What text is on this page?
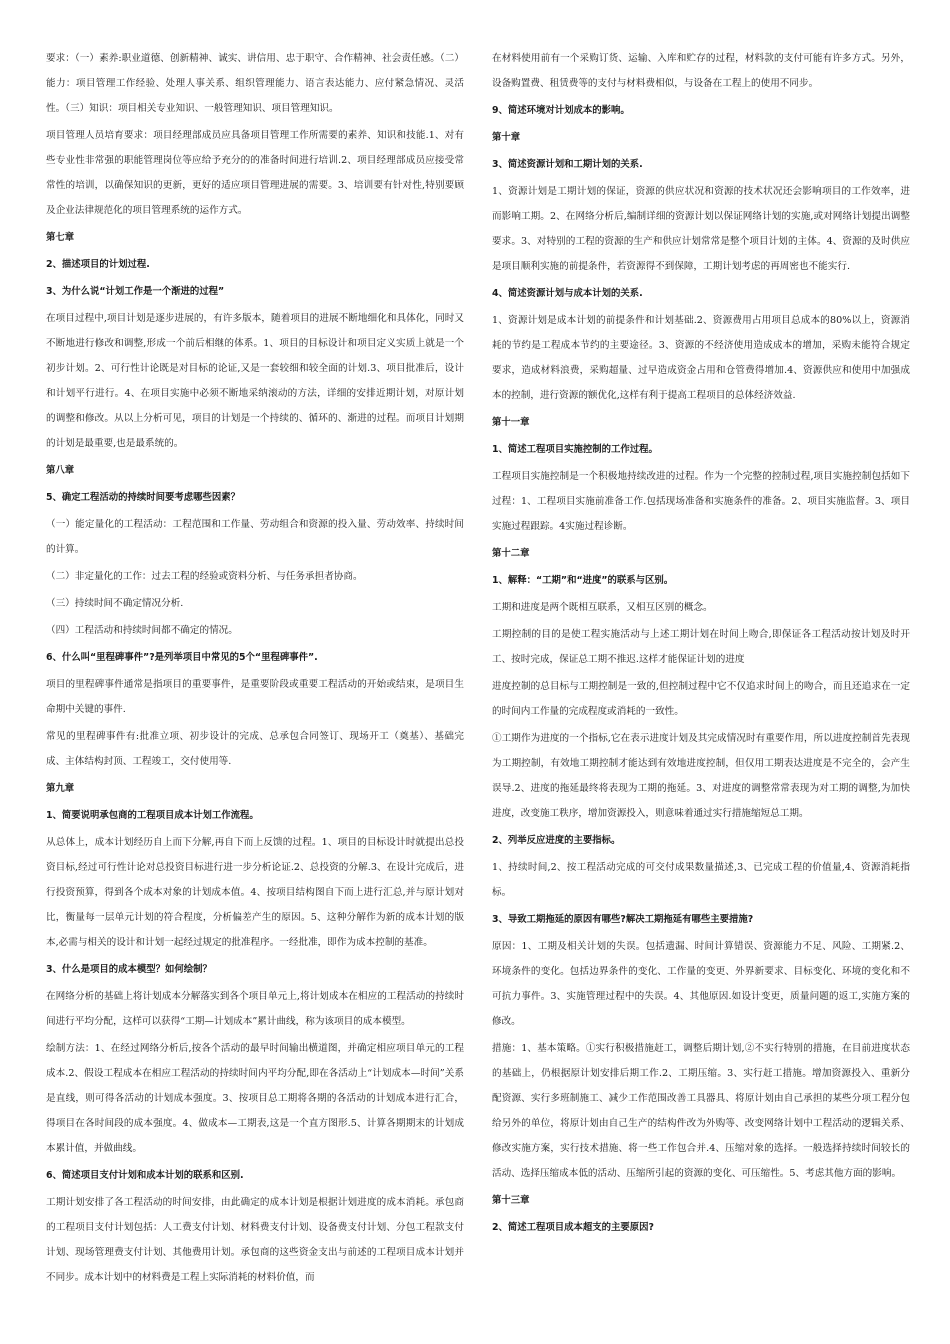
要求：（一）素养:职业道德、创新精神、诚实、讲信用、忠于职守、合作精神、社会责任感。（二）能力：项目管理工作经验、处理人事关系、组织管理能力、语言表达能力、应付紧急情况、灵活性。（三）知识：项目相关专业知识、一般管理知识、项目管理知识。

项目管理人员培育要求：项目经理部成员应具备项目管理工作所需要的素养、知识和技能.1、对有些专业性非常强的职能管理岗位等应给予充分的的准备时间进行培训.2、项目经理部成员应接受常常性的培训，以确保知识的更新，更好的适应项目管理进展的需要。3、培训要有针对性,特别要顾及企业法律规范化的项目管理系统的运作方式。

第七章

2、描述项目的计划过程.

3、为什么说“计划工作是一个渐进的过程”

在项目过程中,项目计划是逐步进展的，有许多版本，随着项目的进展不断地细化和具体化，同时又不断地进行修改和调整,形成一个前后相继的体系。1、项目的目标设计和项目定义实质上就是一个初步计划。2、可行性计论既是对目标的论证,又是一套较细和较全面的计划.3、项目批准后，设计和计划平行进行。4、在项目实施中必须不断地采纳滚动的方法，详细的安排近期计划，对原计划的调整和修改。从以上分析可见，项目的计划是一个持续的、循环的、渐进的过程。而项目计划期的计划是最重要,也是最系统的。

第八章

5、确定工程活动的持续时间要考虑哪些因素？

（一）能定量化的工程活动：工程范围和工作量、劳动组合和资源的投入量、劳动效率、持续时间的计算。

（二）非定量化的工作：过去工程的经验或资料分析、与任务承担者协商。

（三）持续时间不确定情况分析.

（四）工程活动和持续时间都不确定的情况。

6、什么叫“里程碑事件”?是列举项目中常见的5个“里程碑事件”.

项目的里程碑事件通常是指项目的重要事件，是重要阶段或重要工程活动的开始或结束，是项目生命期中关键的事件.

常见的里程碑事件有:批准立项、初步设计的完成、总承包合同签订、现场开工（奠基）、基础完成、主体结构封顶、工程竣工，交付使用等.

第九章

1、简要说明承包商的工程项目成本计划工作流程。

从总体上，成本计划经历自上而下分解,再自下而上反馈的过程。1、项目的目标设计时就提出总投资目标,经过可行性计论对总投资目标进行进一步分析论证.2、总投资的分解.3、在设计完成后，进行投资预算，得到各个成本对象的计划成本值。4、按项目结构图自下而上进行汇总,并与原计划对比，衡量每一层单元计划的符合程度，分析偏差产生的原因。5、这种分解作为新的成本计划的版本,必需与相关的设计和计划一起经过规定的批准程序。一经批准，即作为成本控制的基准。

3、什么是项目的成本模型？如何绘制？

在网络分析的基础上将计划成本分解落实到各个项目单元上,将计划成本在相应的工程活动的持续时间进行平均分配，这样可以获得“工期—计划成本”累计曲线，称为该项目的成本模型。

绘制方法：1、在经过网络分析后,按各个活动的最早时间输出横道图，并确定相应项目单元的工程成本.2、假设工程成本在相应工程活动的持续时间内平均分配,即在各活动上“计划成本—时间”关系是直线，则可得各活动的计划成本强度。3、按项目总工期将各期的各活动的计划成本进行汇合，得项目在各时间段的成本强度。4、做成本—工期表,这是一个直方图形.5、计算各期期末的计划成本累计值，并做曲线。

6、简述项目支付计划和成本计划的联系和区别.

工期计划安排了各工程活动的时间安排，由此确定的成本计划是根据计划进度的成本消耗。承包商的工程项目支付计划包括：人工费支付计划、材料费支付计划、设备费支付计划、分包工程款支付计划、现场管理费支付计划、其他费用计划。承包商的这些资金支出与前述的工程项目成本计划并不同步。成本计划中的材料费是工程上实际消耗的材料价值，而

在材料使用前有一个采购订货、运输、入库和贮存的过程，材料款的支付可能有许多方式。另外，设备购置费、租赁费等的支付与材料费相似，与设备在工程上的使用不同步。

9、简述环境对计划成本的影响。

第十章

3、简述资源计划和工期计划的关系.

1、资源计划是工期计划的保证，资源的供应状况和资源的技术状况还会影响项目的工作效率，进而影响工期。2、在网络分析后,编制详细的资源计划以保证网络计划的实施,或对网络计划提出调整要求。3、对特别的工程的资源的生产和供应计划常常是整个项目计划的主体。4、资源的及时供应是项目顺利实施的前提条件，若资源得不到保障，工期计划考虑的再周密也不能实行.

4、简述资源计划与成本计划的关系.

1、资源计划是成本计划的前提条件和计划基础.2、资源费用占用项目总成本的80%以上，资源消耗的节约是工程成本节约的主要途径。3、资源的不经济使用造成成本的增加，采购未能符合规定要求，造成材料浪费，采购超量、过早造成资金占用和仓管费得增加.4、资源供应和使用中加强成本的控制，进行资源的额优化,这样有利于提高工程项目的总体经济效益.

第十一章

1、简述工程项目实施控制的工作过程。

工程项目实施控制是一个积极地持续改进的过程。作为一个完整的控制过程,项目实施控制包括如下过程：1、工程项目实施前准备工作.包括现场准备和实施条件的准备。2、项目实施监督。3、项目实施过程跟踪。4实施过程诊断。

第十二章

1、解释：“工期”和“进度”的联系与区别。

工期和进度是两个既相互联系，又相互区别的概念。

工期控制的目的是使工程实施活动与上述工期计划在时间上吻合,即保证各工程活动按计划及时开工、按时完成，保证总工期不推迟.这样才能保证计划的进度

进度控制的总目标与工期控制是一致的,但控制过程中它不仅追求时间上的吻合，而且还追求在一定的时间内工作量的完成程度或消耗的一致性。

①工期作为进度的一个指标,它在表示进度计划及其完成情况时有重要作用，所以进度控制首先表现为工期控制，有效地工期控制才能达到有效地进度控制，但仅用工期表达进度是不完全的，会产生误导.2、进度的拖延最终将表现为工期的拖延。3、对进度的调整常常表现为对工期的调整,为加快进度，改变施工秩序，增加资源投入，则意味着通过实行措施缩短总工期。

2、列举反应进度的主要指标。

1、持续时间,2、按工程活动完成的可交付成果数量描述,3、已完成工程的价值量,4、资源消耗指标。

3、导致工期拖延的原因有哪些?解决工期拖延有哪些主要措施?

原因：1、工期及相关计划的失误。包括遗漏、时间计算错误、资源能力不足、风险、工期紧.2、环境条件的变化。包括边界条件的变化、工作量的变更、外界新要求、目标变化、环境的变化和不可抗力事件。3、实施管理过程中的失误。4、其他原因.如设计变更，质量问题的返工,实施方案的修改。

措施：1、基本策略。①实行积极措施赶工，调整后期计划,②不实行特别的措施，在目前进度状态的基础上，仍根据原计划安排后期工作.2、工期压缩。3、实行赶工措施。增加资源投入、重新分配资源、实行多班制施工、减少工作范围改善工具器具、将原计划由自己承担的某些分项工程分包给另外的单位，将原计划由自己生产的结构件改为外购等、改变网络计划中工程活动的逻辑关系、修改实施方案，实行技术措施、将一些工作包合并.4、压缩对象的选择。一般选择持续时间较长的活动、选择压缩成本低的活动、压缩所引起的资源的变化、可压缩性。5、考虑其他方面的影响。

第十三章

2、简述工程项目成本超支的主要原因?
